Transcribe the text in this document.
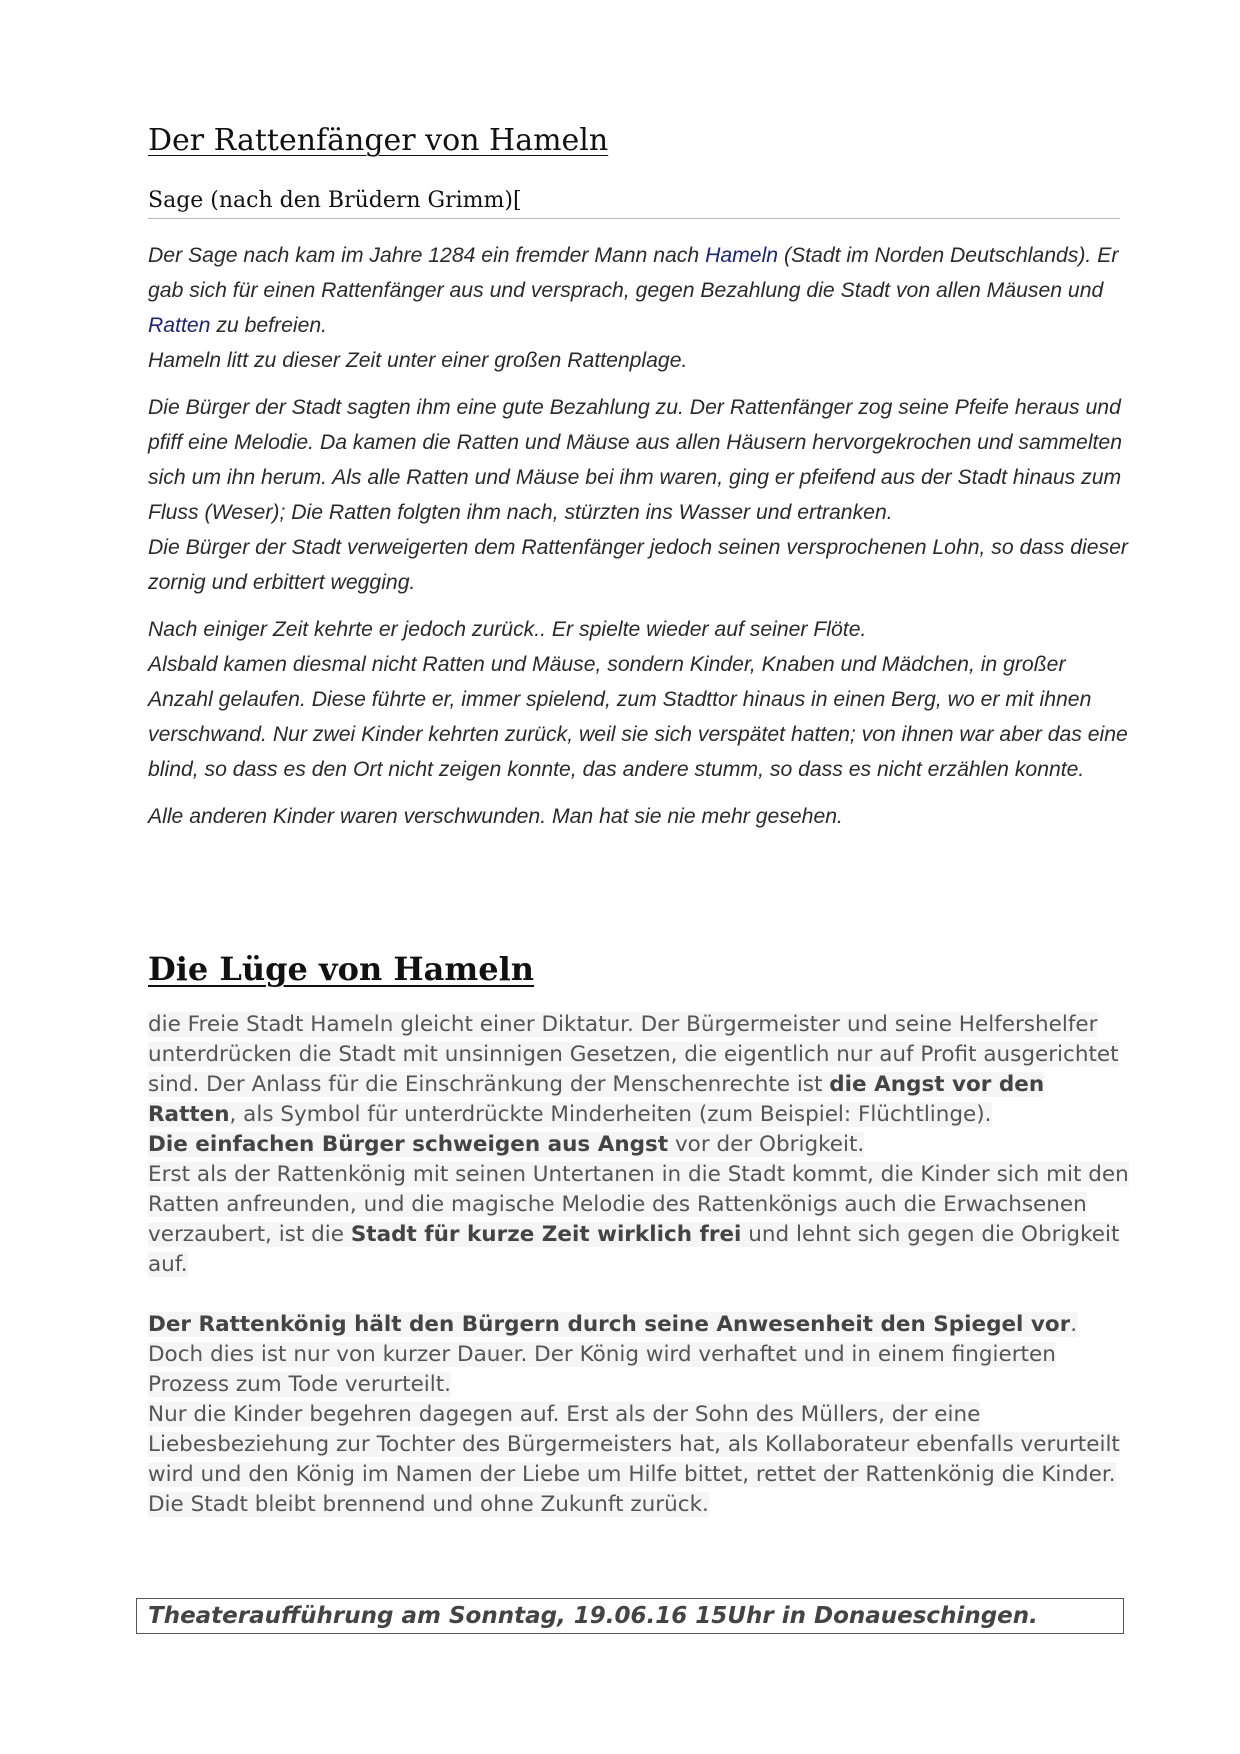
Der Rattenfänger von Hameln
Sage (nach den Brüdern Grimm)[

Der Sage nach kam im Jahre 1284 ein fremder Mann nach Hameln (Stadt im Norden Deutschlands). Er gab sich für einen Rattenfänger aus und versprach, gegen Bezahlung die Stadt von allen Mäusen und Ratten zu befreien.
Hameln litt zu dieser Zeit unter einer großen Rattenplage.

Die Bürger der Stadt sagten ihm eine gute Bezahlung zu. Der Rattenfänger zog seine Pfeife heraus und pfiff eine Melodie. Da kamen die Ratten und Mäuse aus allen Häusern hervorgekrochen und sammelten sich um ihn herum. Als alle Ratten und Mäuse bei ihm waren, ging er pfeifend aus der Stadt hinaus zum Fluss (Weser); Die Ratten folgten ihm nach, stürzten ins Wasser und ertranken.
Die Bürger der Stadt verweigerten dem Rattenfänger jedoch seinen versprochenen Lohn, so dass dieser zornig und erbittert wegging.

Nach einiger Zeit kehrte er jedoch zurück.. Er spielte wieder auf seiner Flöte.
Alsbald kamen diesmal nicht Ratten und Mäuse, sondern Kinder, Knaben und Mädchen, in großer Anzahl gelaufen. Diese führte er, immer spielend, zum Stadttor hinaus in einen Berg, wo er mit ihnen verschwand. Nur zwei Kinder kehrten zurück, weil sie sich verspätet hatten; von ihnen war aber das eine blind, so dass es den Ort nicht zeigen konnte, das andere stumm, so dass es nicht erzählen konnte.

Alle anderen Kinder waren verschwunden. Man hat sie nie mehr gesehen.

Die Lüge von Hameln

die Freie Stadt Hameln gleicht einer Diktatur. Der Bürgermeister und seine Helfershelfer unterdrücken die Stadt mit unsinnigen Gesetzen, die eigentlich nur auf Profit ausgerichtet sind. Der Anlass für die Einschränkung der Menschenrechte ist die Angst vor den Ratten, als Symbol für unterdrückte Minderheiten (zum Beispiel: Flüchtlinge).
Die einfachen Bürger schweigen aus Angst vor der Obrigkeit.
Erst als der Rattenkönig mit seinen Untertanen in die Stadt kommt, die Kinder sich mit den Ratten anfreunden, und die magische Melodie des Rattenkönigs auch die Erwachsenen verzaubert, ist die Stadt für kurze Zeit wirklich frei und lehnt sich gegen die Obrigkeit auf.

Der Rattenkönig hält den Bürgern durch seine Anwesenheit den Spiegel vor. Doch dies ist nur von kurzer Dauer. Der König wird verhaftet und in einem fingierten Prozess zum Tode verurteilt.
Nur die Kinder begehren dagegen auf. Erst als der Sohn des Müllers, der eine Liebesbeziehung zur Tochter des Bürgermeisters hat, als Kollaborateur ebenfalls verurteilt wird und den König im Namen der Liebe um Hilfe bittet, rettet der Rattenkönig die Kinder.
Die Stadt bleibt brennend und ohne Zukunft zurück.

Theateraufführung am Sonntag, 19.06.16 15Uhr in Donaueschingen.
